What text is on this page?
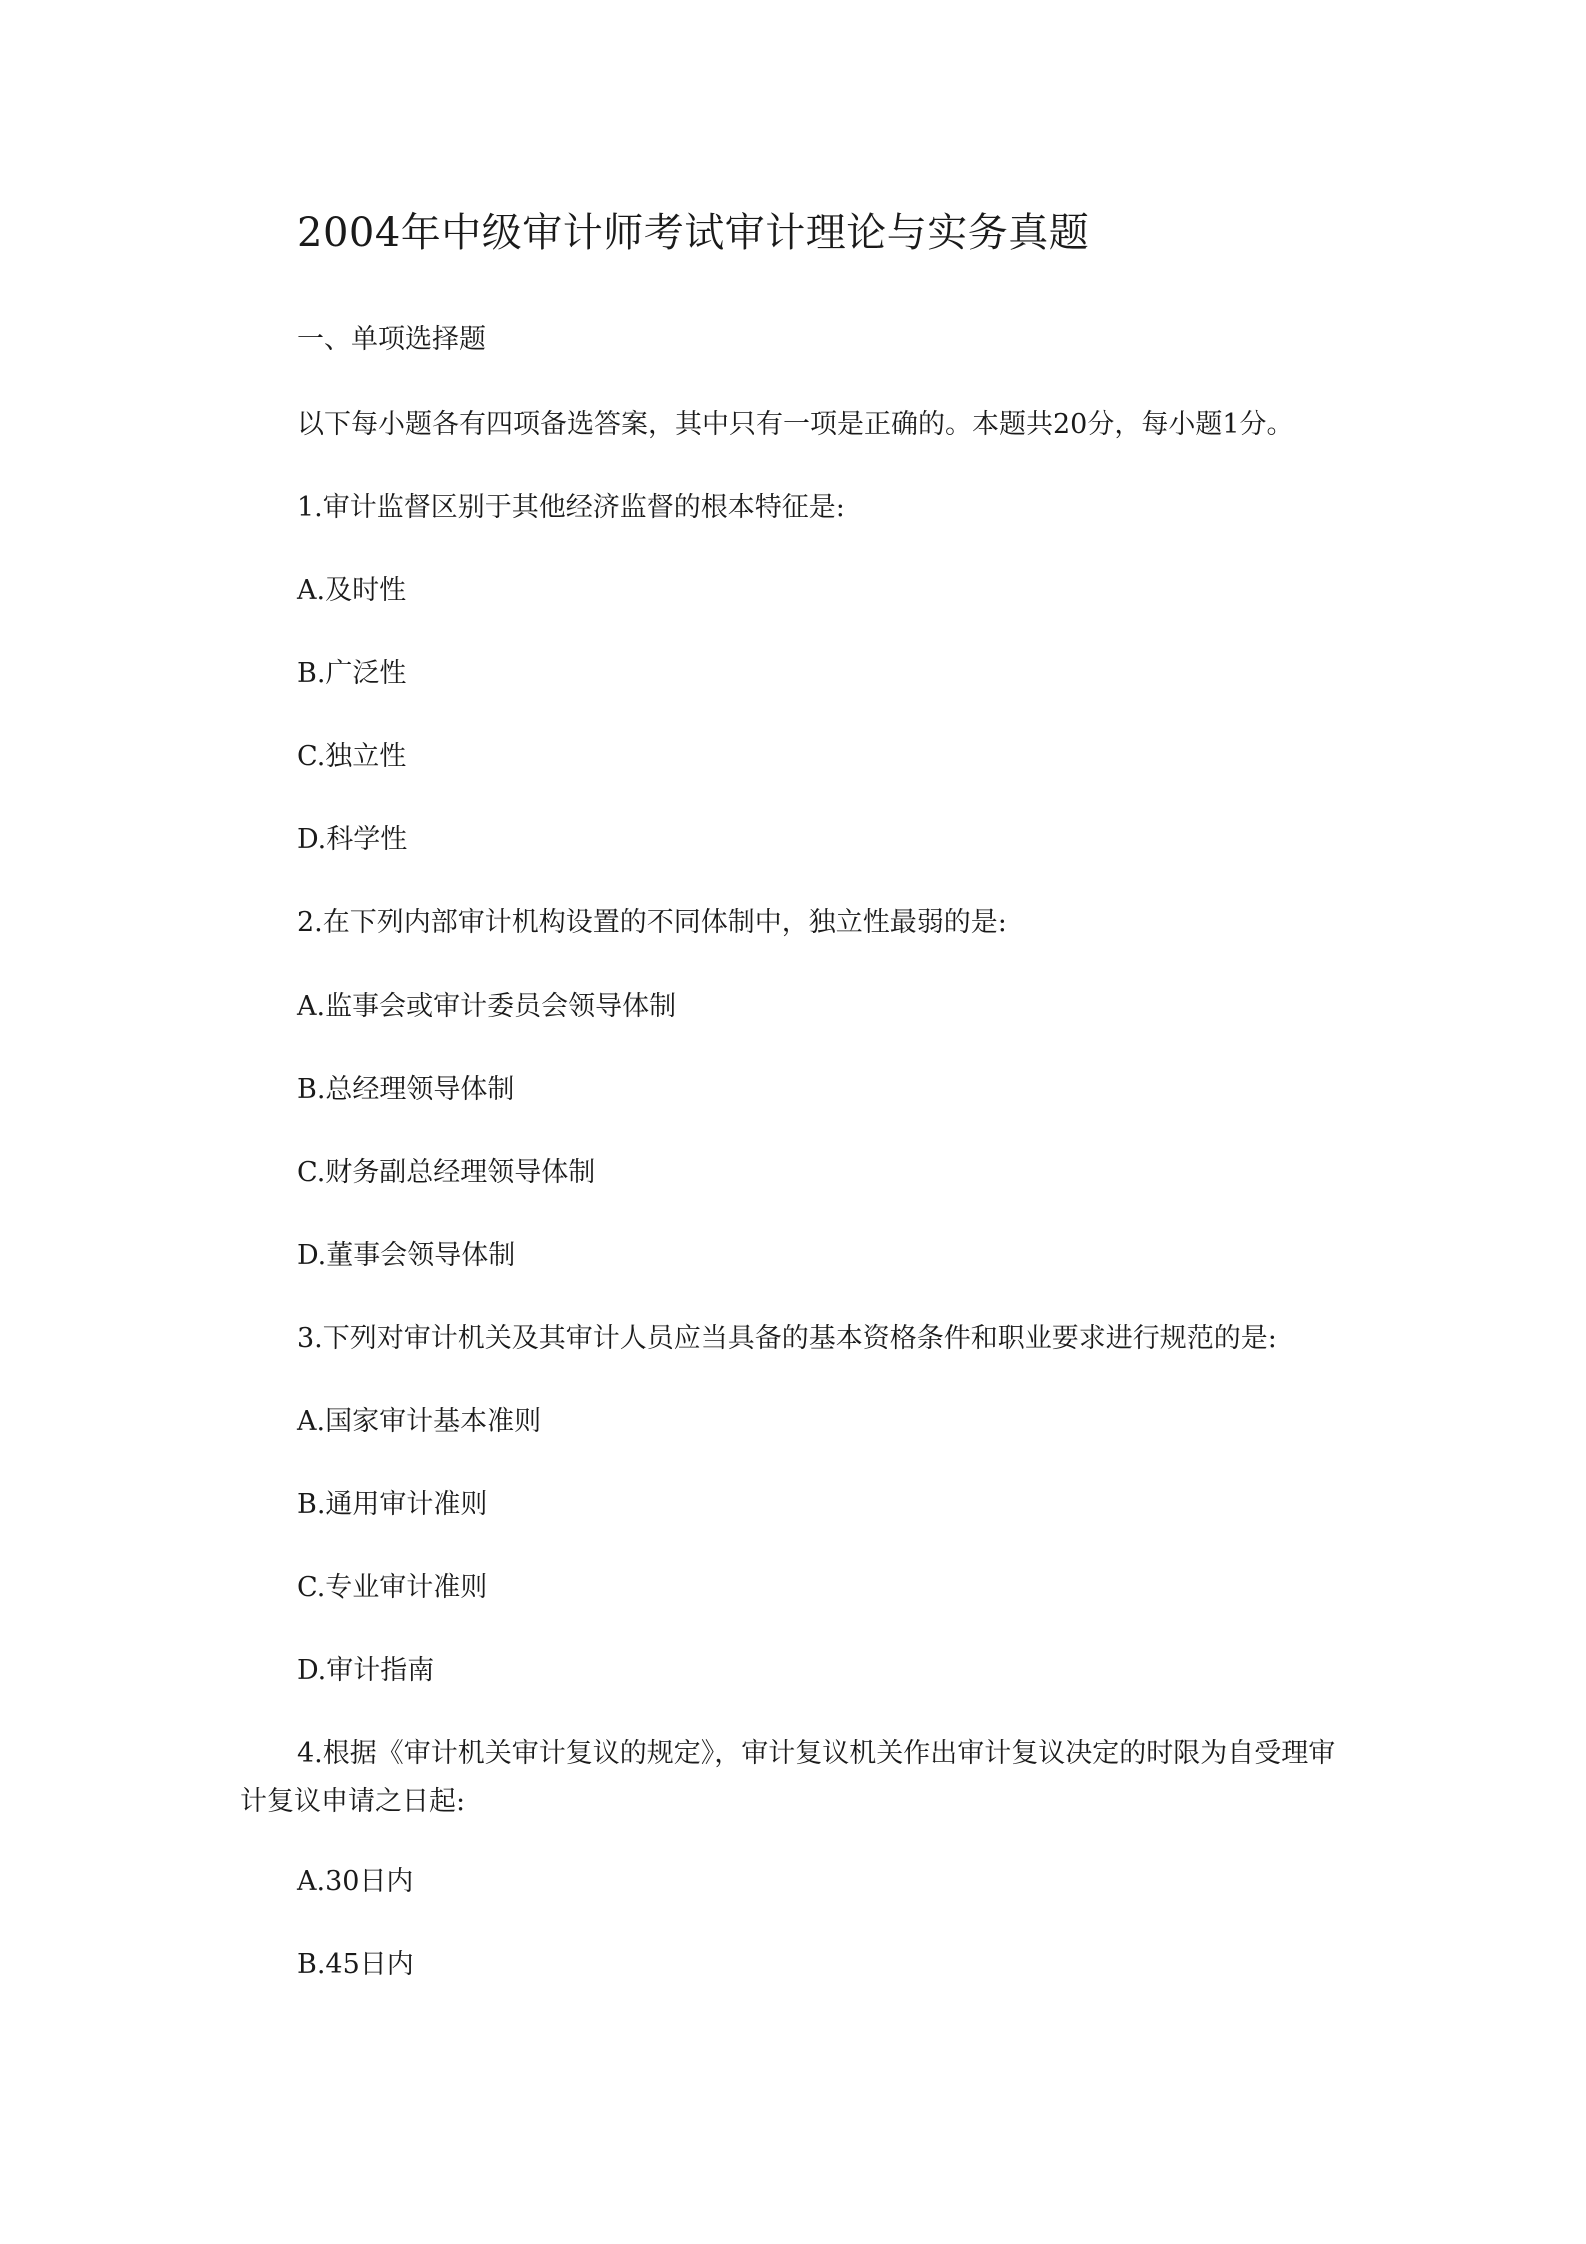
2004年中级审计师考试审计理论与实务真题
一、单项选择题
以下每小题各有四项备选答案，其中只有一项是正确的。本题共20分，每小题1分。
1.审计监督区别于其他经济监督的根本特征是:
A.及时性
B.广泛性
C.独立性
D.科学性
2.在下列内部审计机构设置的不同体制中，独立性最弱的是:
A.监事会或审计委员会领导体制
B.总经理领导体制
C.财务副总经理领导体制
D.董事会领导体制
3.下列对审计机关及其审计人员应当具备的基本资格条件和职业要求进行规范的是:
A.国家审计基本准则
B.通用审计准则
C.专业审计准则
D.审计指南
4.根据《审计机关审计复议的规定》，审计复议机关作出审计复议决定的时限为自受理审计复议申请之日起:
A.30日内
B.45日内
